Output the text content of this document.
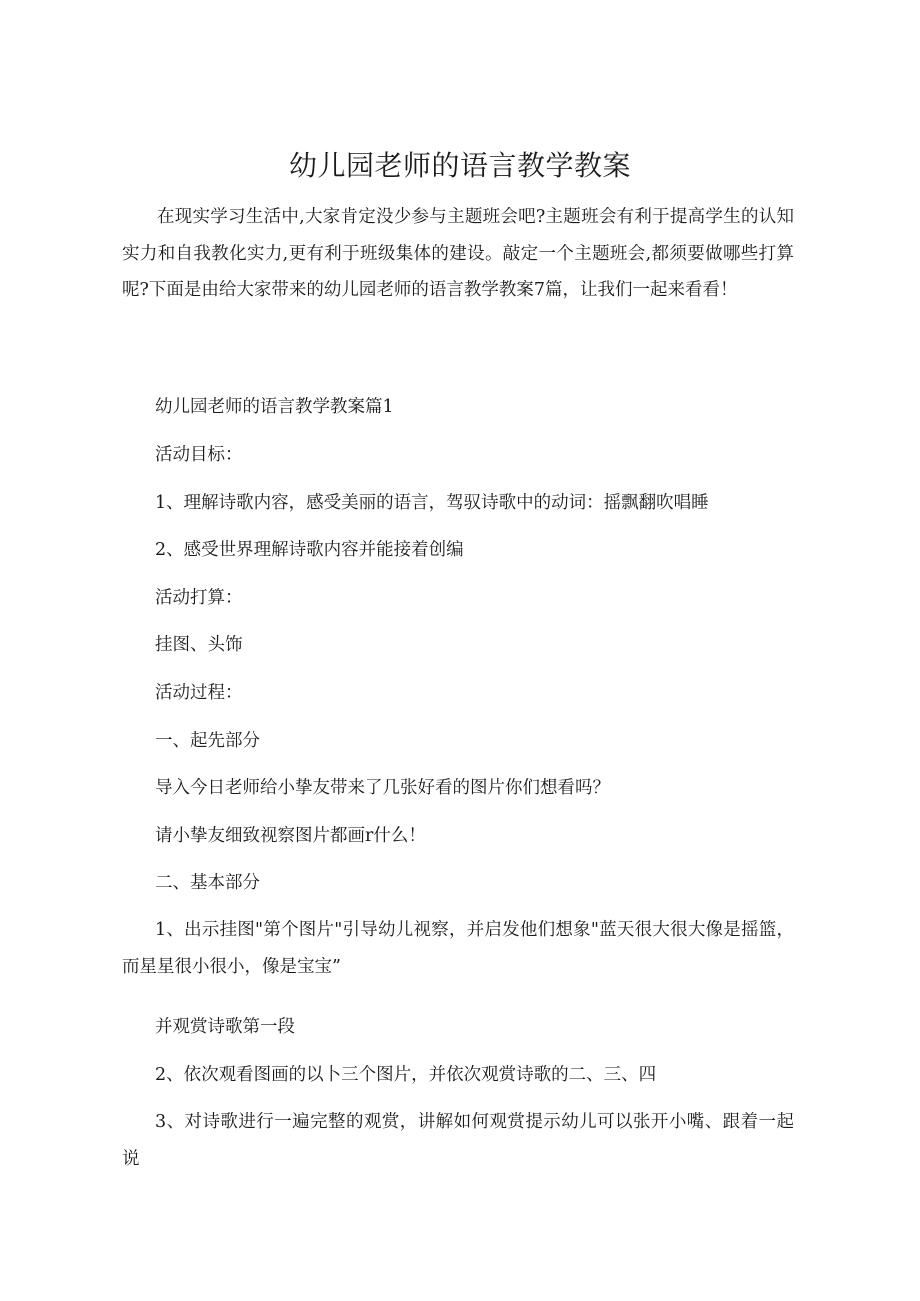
幼儿园老师的语言教学教案

在现实学习生活中,大家肯定没少参与主题班会吧?主题班会有利于提高学生的认知实力和自我教化实力,更有利于班级集体的建设。敲定一个主题班会,都须要做哪些打算呢?下面是由给大家带来的幼儿园老师的语言教学教案7篇，让我们一起来看看！

幼儿园老师的语言教学教案篇1

活动目标：

1、理解诗歌内容，感受美丽的语言，驾驭诗歌中的动词：摇飘翻吹唱睡

2、感受世界理解诗歌内容并能接着创编

活动打算：

挂图、头饰

活动过程：

一、起先部分

导入今日老师给小挚友带来了几张好看的图片你们想看吗？

请小挚友细致视察图片都画r什么！

二、基本部分

1、出示挂图"第个图片"引导幼儿视察，并启发他们想象"蓝天很大很大像是摇篮，而星星很小很小，像是宝宝”

并观赏诗歌第一段

2、依次观看图画的以卜三个图片，并依次观赏诗歌的二、三、四

3、对诗歌进行一遍完整的观赏，讲解如何观赏提示幼儿可以张开小嘴、跟着一起说
